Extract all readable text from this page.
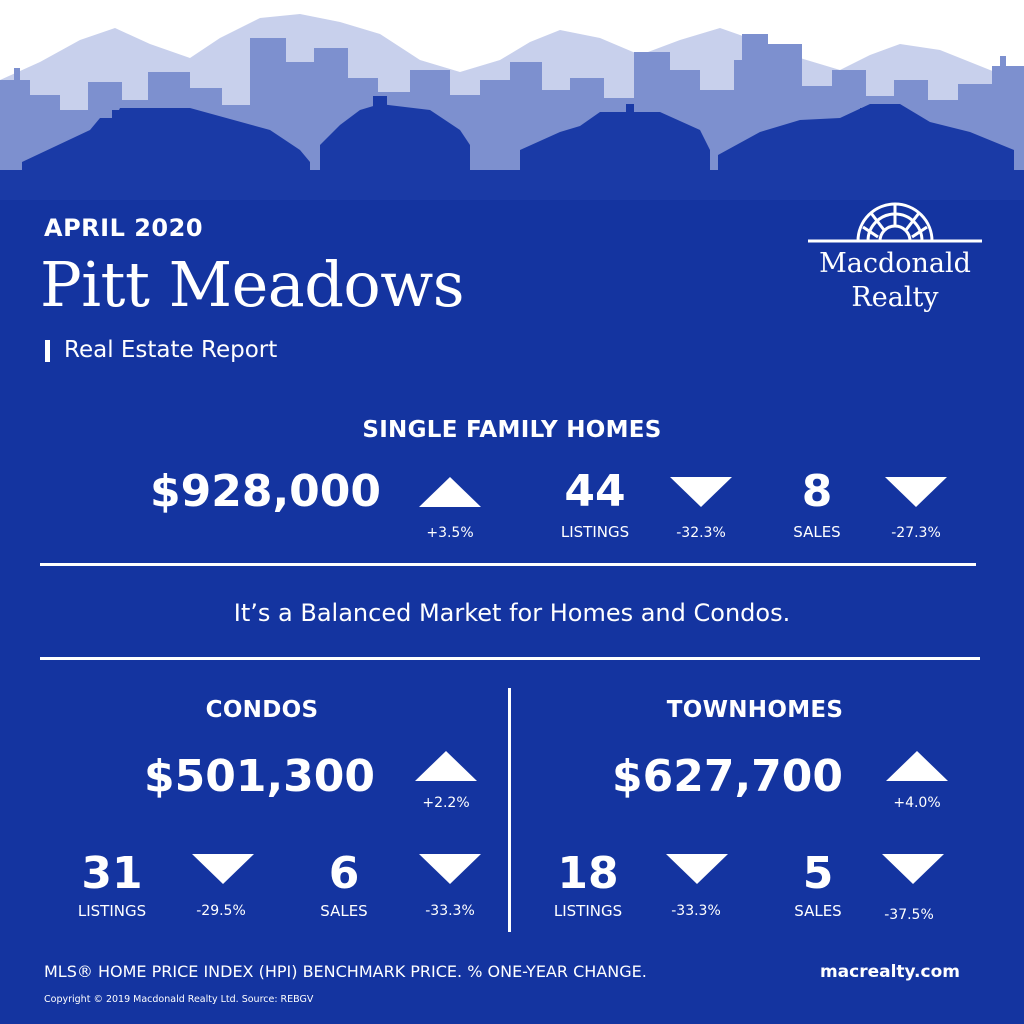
APRIL 2020
Pitt Meadows
Real Estate Report
Macdonald
Realty
SINGLE FAMILY HOMES
$928,000
+3.5%
44
LISTINGS	-32.3%
8
SALES	-27.3%
It’s a Balanced Market for Homes and Condos.
CONDOS
$501,300
+2.2%
31
LISTINGS	-29.5%
6
SALES	-33.3%
TOWNHOMES
$627,700
+4.0%
18
LISTINGS	-33.3%
5
SALES	-37.5%
MLS® HOME PRICE INDEX (HPI) BENCHMARK PRICE. % ONE-YEAR CHANGE.
Copyright © 2019 Macdonald Realty Ltd. Source: REBGV
macrealty.com
